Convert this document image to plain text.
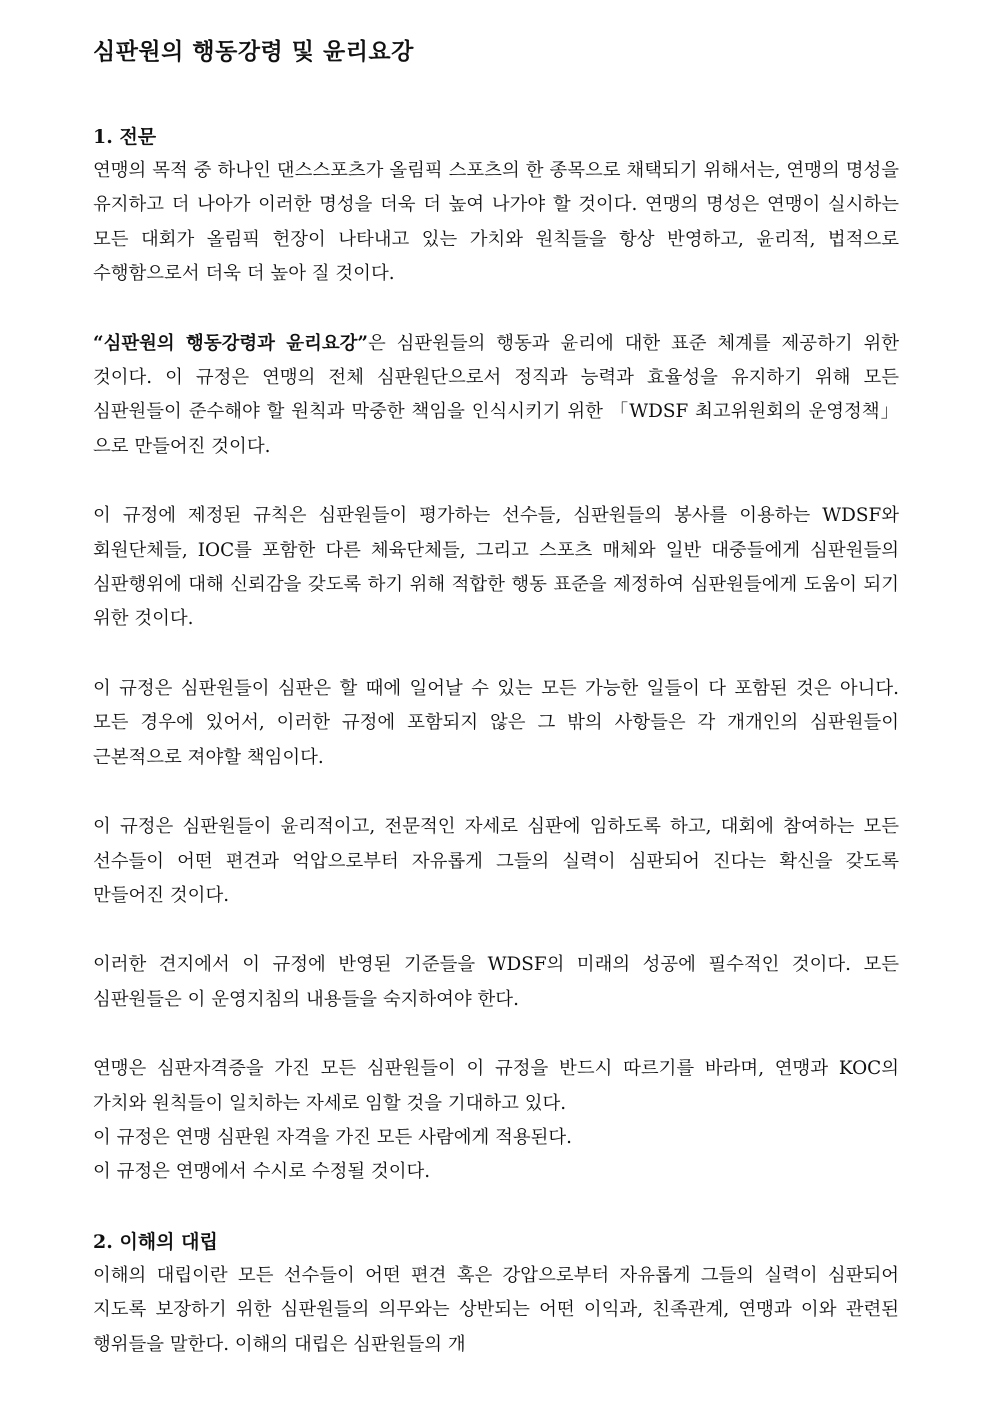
심판원의 행동강령 및 윤리요강
1. 전문

연맹의 목적 중 하나인 댄스스포츠가 올림픽 스포츠의 한 종목으로 채택되기 위해서는, 연맹의 명성을 유지하고 더 나아가 이러한 명성을 더욱 더 높여 나가야 할 것이다. 연맹의 명성은 연맹이 실시하는 모든 대회가 올림픽 헌장이 나타내고 있는 가치와 원칙들을 항상 반영하고, 윤리적, 법적으로 수행함으로서 더욱 더 높아 질 것이다.

“심판원의 행동강령과 윤리요강”은 심판원들의 행동과 윤리에 대한 표준 체계를 제공하기 위한 것이다. 이 규정은 연맹의 전체 심판원단으로서 정직과 능력과 효율성을 유지하기 위해 모든 심판원들이 준수해야 할 원칙과 막중한 책임을 인식시키기 위한 「WDSF 최고위원회의 운영정책」으로 만들어진 것이다.

이 규정에 제정된 규칙은 심판원들이 평가하는 선수들, 심판원들의 봉사를 이용하는 WDSF와 회원단체들, IOC를 포함한 다른 체육단체들, 그리고 스포츠 매체와 일반 대중들에게 심판원들의 심판행위에 대해 신뢰감을 갖도록 하기 위해 적합한 행동 표준을 제정하여 심판원들에게 도움이 되기 위한 것이다.

이 규정은 심판원들이 심판은 할 때에 일어날 수 있는 모든 가능한 일들이 다 포함된 것은 아니다. 모든 경우에 있어서, 이러한 규정에 포함되지 않은 그 밖의 사항들은 각 개개인의 심판원들이 근본적으로 져야할 책임이다.

이 규정은 심판원들이 윤리적이고, 전문적인 자세로 심판에 임하도록 하고, 대회에 참여하는 모든 선수들이 어떤 편견과 억압으로부터 자유롭게 그들의 실력이 심판되어 진다는 확신을 갖도록 만들어진 것이다.

이러한 견지에서 이 규정에 반영된 기준들을 WDSF의 미래의 성공에 필수적인 것이다. 모든 심판원들은 이 운영지침의 내용들을 숙지하여야 한다.

연맹은 심판자격증을 가진 모든 심판원들이 이 규정을 반드시 따르기를 바라며, 연맹과 KOC의 가치와 원칙들이 일치하는 자세로 임할 것을 기대하고 있다.

이 규정은 연맹 심판원 자격을 가진 모든 사람에게 적용된다.

이 규정은 연맹에서 수시로 수정될 것이다.

2. 이해의 대립

이해의 대립이란 모든 선수들이 어떤 편견 혹은 강압으로부터 자유롭게 그들의 실력이 심판되어 지도록 보장하기 위한 심판원들의 의무와는 상반되는 어떤 이익과, 친족관계, 연맹과 이와 관련된 행위들을 말한다. 이해의 대립은 심판원들의 개
